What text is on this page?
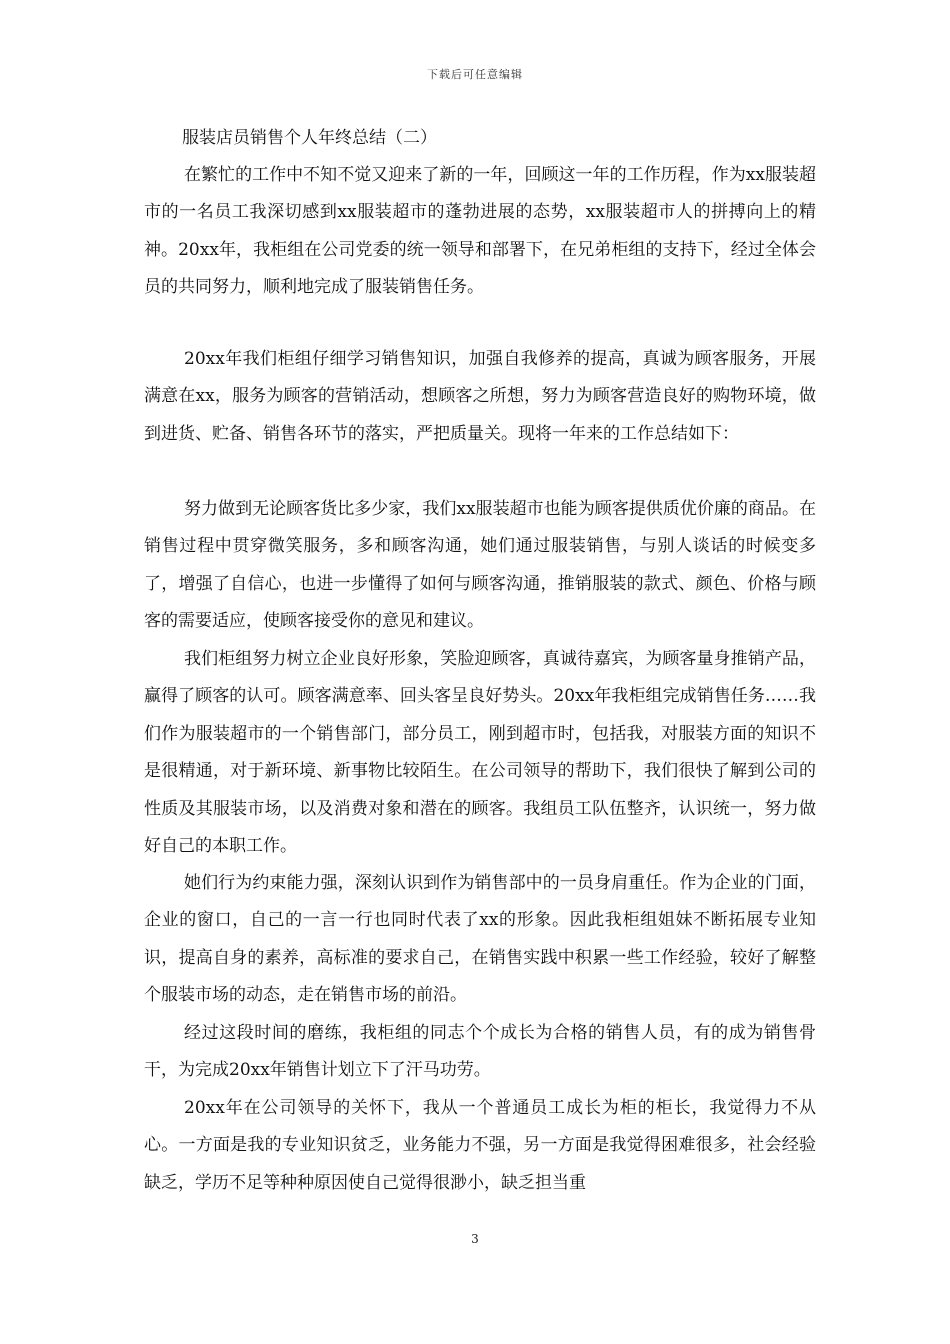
下载后可任意编辑
服装店员销售个人年终总结（二）

在繁忙的工作中不知不觉又迎来了新的一年，回顾这一年的工作历程，作为xx服装超市的一名员工我深切感到xx服装超市的蓬勃进展的态势，xx服装超市人的拼搏向上的精神。20xx年，我柜组在公司党委的统一领导和部署下，在兄弟柜组的支持下，经过全体会员的共同努力，顺利地完成了服装销售任务。

20xx年我们柜组仔细学习销售知识，加强自我修养的提高，真诚为顾客服务，开展满意在xx，服务为顾客的营销活动，想顾客之所想，努力为顾客营造良好的购物环境，做到进货、贮备、销售各环节的落实，严把质量关。现将一年来的工作总结如下：

努力做到无论顾客货比多少家，我们xx服装超市也能为顾客提供质优价廉的商品。在销售过程中贯穿微笑服务，多和顾客沟通，她们通过服装销售，与别人谈话的时候变多了，增强了自信心，也进一步懂得了如何与顾客沟通，推销服装的款式、颜色、价格与顾客的需要适应，使顾客接受你的意见和建议。

我们柜组努力树立企业良好形象，笑脸迎顾客，真诚待嘉宾，为顾客量身推销产品，赢得了顾客的认可。顾客满意率、回头客呈良好势头。20xx年我柜组完成销售任务……我们作为服装超市的一个销售部门，部分员工，刚到超市时，包括我，对服装方面的知识不是很精通，对于新环境、新事物比较陌生。在公司领导的帮助下，我们很快了解到公司的性质及其服装市场，以及消费对象和潜在的顾客。我组员工队伍整齐，认识统一，努力做好自己的本职工作。

她们行为约束能力强，深刻认识到作为销售部中的一员身肩重任。作为企业的门面，企业的窗口，自己的一言一行也同时代表了xx的形象。因此我柜组姐妹不断拓展专业知识，提高自身的素养，高标准的要求自己，在销售实践中积累一些工作经验，较好了解整个服装市场的动态，走在销售市场的前沿。

经过这段时间的磨练，我柜组的同志个个成长为合格的销售人员，有的成为销售骨干，为完成20xx年销售计划立下了汗马功劳。

20xx年在公司领导的关怀下，我从一个普通员工成长为柜的柜长，我觉得力不从心。一方面是我的专业知识贫乏，业务能力不强，另一方面是我觉得困难很多，社会经验缺乏，学历不足等种种原因使自己觉得很渺小，缺乏担当重

3
